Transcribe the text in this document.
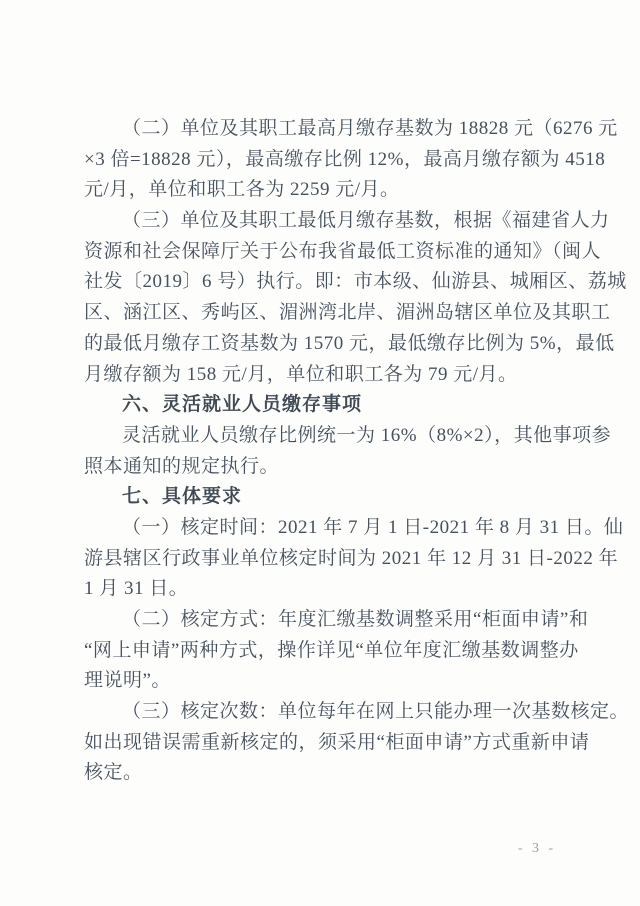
（二）单位及其职工最高月缴存基数为 18828 元（6276 元
×3 倍=18828 元），最高缴存比例 12%，最高月缴存额为 4518
元/月，单位和职工各为 2259 元/月。
（三）单位及其职工最低月缴存基数，根据《福建省人力
资源和社会保障厅关于公布我省最低工资标准的通知》（闽人
社发〔2019〕6 号）执行。即：市本级、仙游县、城厢区、荔城
区、涵江区、秀屿区、湄洲湾北岸、湄洲岛辖区单位及其职工
的最低月缴存工资基数为 1570 元，最低缴存比例为 5%，最低
月缴存额为 158 元/月，单位和职工各为 79 元/月。
六、灵活就业人员缴存事项
灵活就业人员缴存比例统一为 16%（8%×2），其他事项参
照本通知的规定执行。
七、具体要求
（一）核定时间：2021 年 7 月 1 日-2021 年 8 月 31 日。仙
游县辖区行政事业单位核定时间为 2021 年 12 月 31 日-2022 年
1 月 31 日。
（二）核定方式：年度汇缴基数调整采用“柜面申请”和
“网上申请”两种方式，操作详见“单位年度汇缴基数调整办
理说明”。
（三）核定次数：单位每年在网上只能办理一次基数核定。
如出现错误需重新核定的，须采用“柜面申请”方式重新申请
核定。
- 3 -
